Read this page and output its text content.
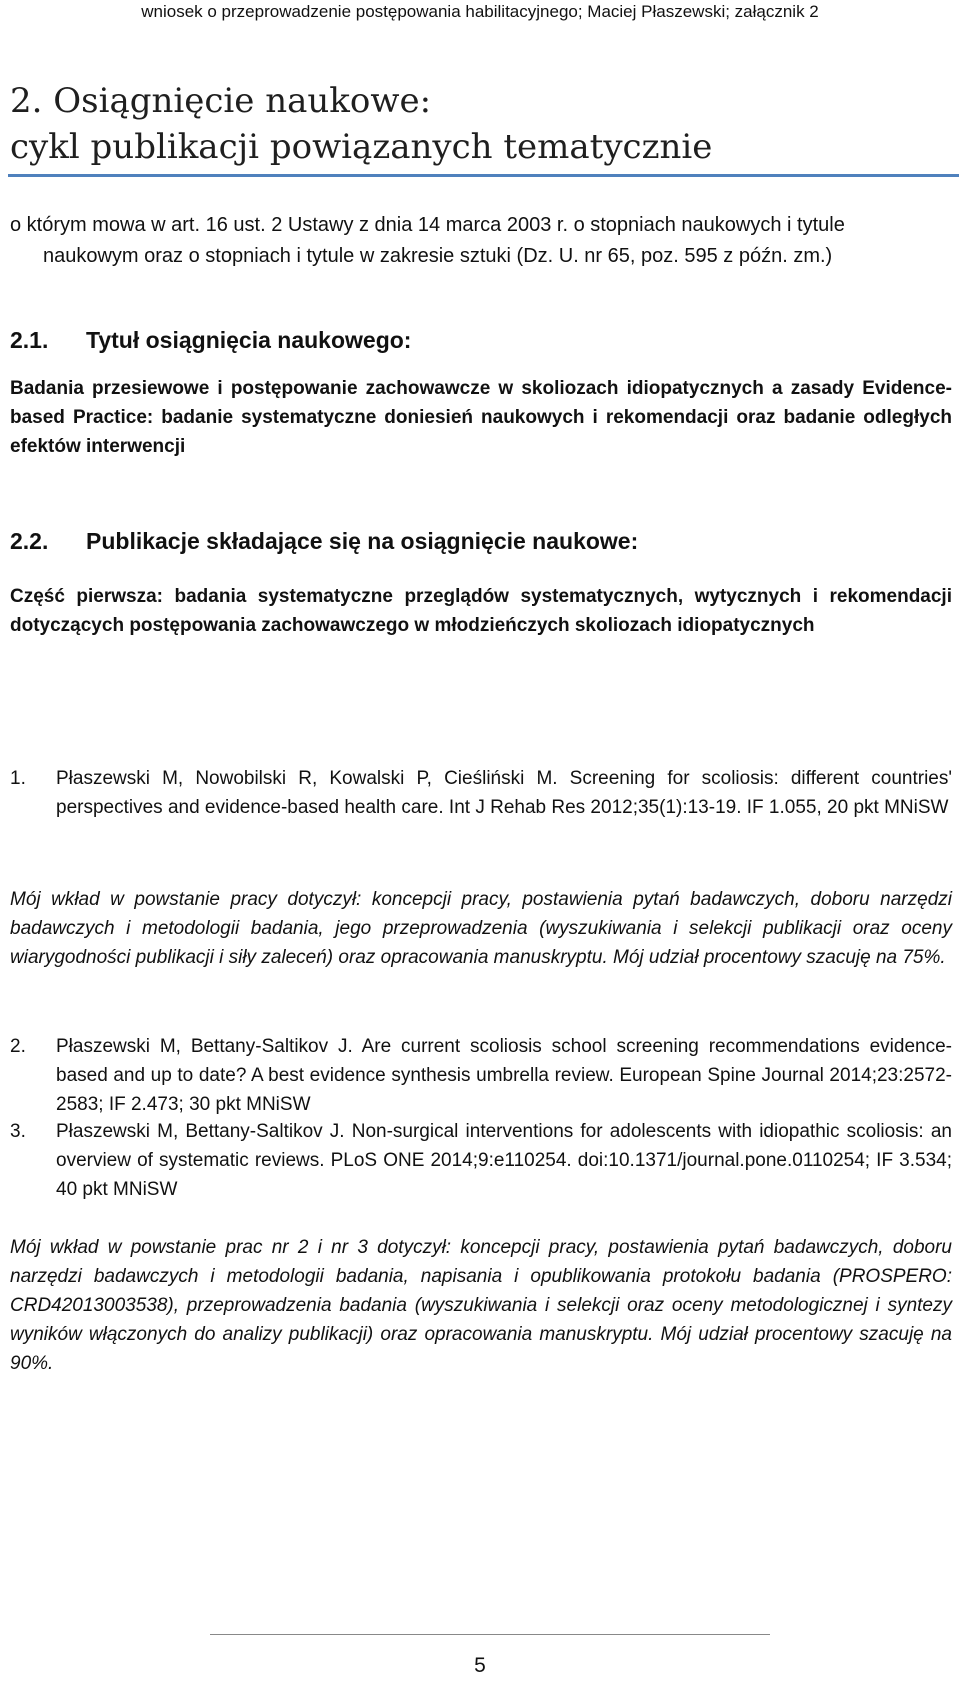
wniosek o przeprowadzenie postępowania habilitacyjnego; Maciej Płaszewski; załącznik 2
2. Osiągnięcie naukowe:
cykl publikacji powiązanych tematycznie
o którym mowa w art. 16 ust. 2 Ustawy z dnia 14 marca 2003 r. o stopniach naukowych i tytule
naukowym oraz o stopniach i tytule w zakresie sztuki (Dz. U. nr 65, poz. 595 z późn. zm.)
2.1. Tytuł osiągnięcia naukowego:
Badania przesiewowe i postępowanie zachowawcze w skoliozach idiopatycznych a zasady Evidence-based Practice: badanie systematyczne doniesień naukowych i rekomendacji oraz badanie odległych efektów interwencji
2.2. Publikacje składające się na osiągnięcie naukowe:
Część pierwsza: badania systematyczne przeglądów systematycznych, wytycznych i rekomendacji dotyczących postępowania zachowawczego w młodzieńczych skoliozach idiopatycznych
1.	Płaszewski M, Nowobilski R, Kowalski P, Cieśliński M. Screening for scoliosis: different countries' perspectives and evidence-based health care. Int J Rehab Res 2012;35(1):13-19. IF 1.055, 20 pkt MNiSW
Mój wkład w powstanie pracy dotyczył: koncepcji pracy, postawienia pytań badawczych, doboru narzędzi badawczych i metodologii badania, jego przeprowadzenia (wyszukiwania i selekcji publikacji oraz oceny wiarygodności publikacji i siły zaleceń) oraz opracowania manuskryptu. Mój udział procentowy szacuję na 75%.
2.	Płaszewski M, Bettany-Saltikov J. Are current scoliosis school screening recommendations evidence-based and up to date? A best evidence synthesis umbrella review. European Spine Journal 2014;23:2572-2583; IF 2.473; 30 pkt MNiSW
3.	Płaszewski M, Bettany-Saltikov J. Non-surgical interventions for adolescents with idiopathic scoliosis: an overview of systematic reviews. PLoS ONE 2014;9:e110254. doi:10.1371/journal.pone.0110254; IF 3.534; 40 pkt MNiSW
Mój wkład w powstanie prac nr 2 i nr 3 dotyczył: koncepcji pracy, postawienia pytań badawczych, doboru narzędzi badawczych i metodologii badania, napisania i opublikowania protokołu badania (PROSPERO: CRD42013003538), przeprowadzenia badania (wyszukiwania i selekcji oraz oceny metodologicznej i syntezy wyników włączonych do analizy publikacji) oraz opracowania manuskryptu. Mój udział procentowy szacuję na 90%.
5
